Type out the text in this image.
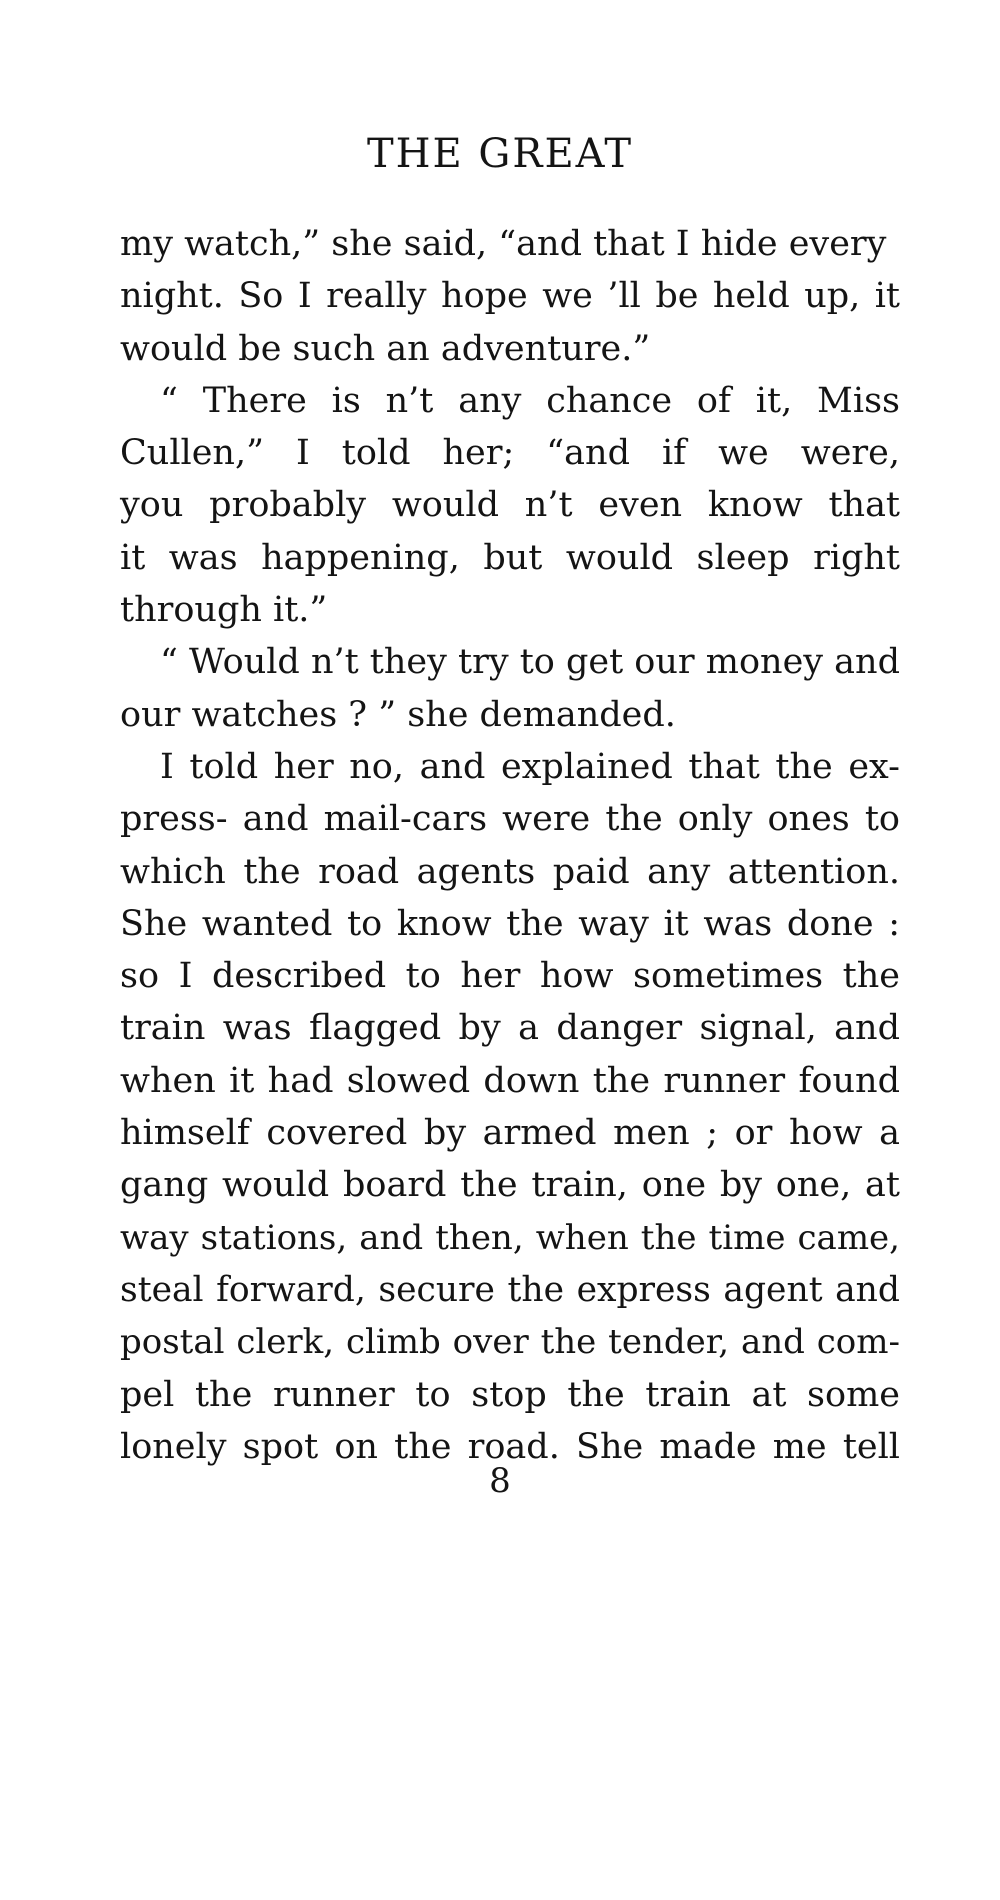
THE GREAT
my watch,” she said, “and that I hide every
night. So I really hope we ’ll be held up, it
would be such an adventure.”
“ There is n’t any chance of it, Miss
Cullen,” I told her; “and if we were,
you probably would n’t even know that
it was happening, but would sleep right
through it.”
“ Would n’t they try to get our money and
our watches ? ” she demanded.
I told her no, and explained that the ex-
press- and mail-cars were the only ones to
which the road agents paid any attention.
She wanted to know the way it was done :
so I described to her how sometimes the
train was flagged by a danger signal, and
when it had slowed down the runner found
himself covered by armed men ; or how a
gang would board the train, one by one, at
way stations, and then, when the time came,
steal forward, secure the express agent and
postal clerk, climb over the tender, and com-
pel the runner to stop the train at some
lonely spot on the road. She made me tell
8
